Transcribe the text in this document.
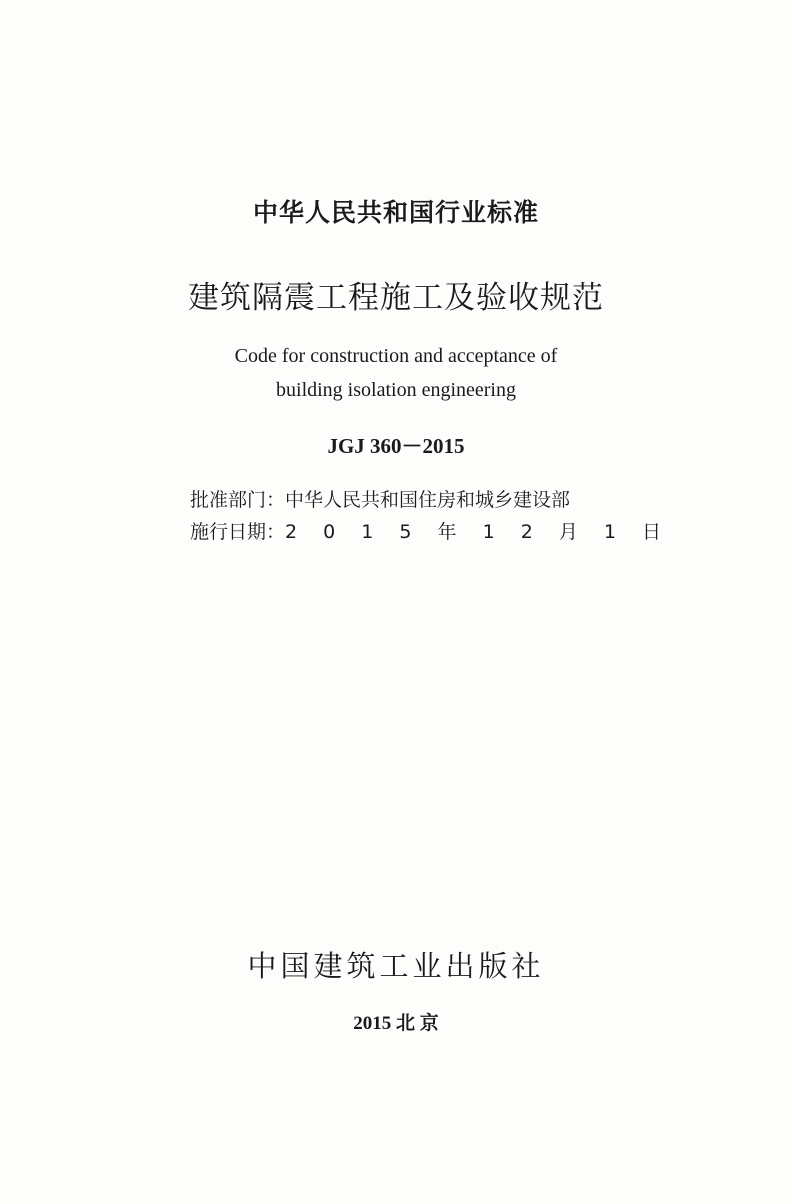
中华人民共和国行业标准
建筑隔震工程施工及验收规范
Code for construction and acceptance of
building isolation engineering
JGJ 360－2015
批准部门：中华人民共和国住房和城乡建设部
施行日期：2 0 1 5 年 1 2 月 1 日
中国建筑工业出版社
2015 北 京
